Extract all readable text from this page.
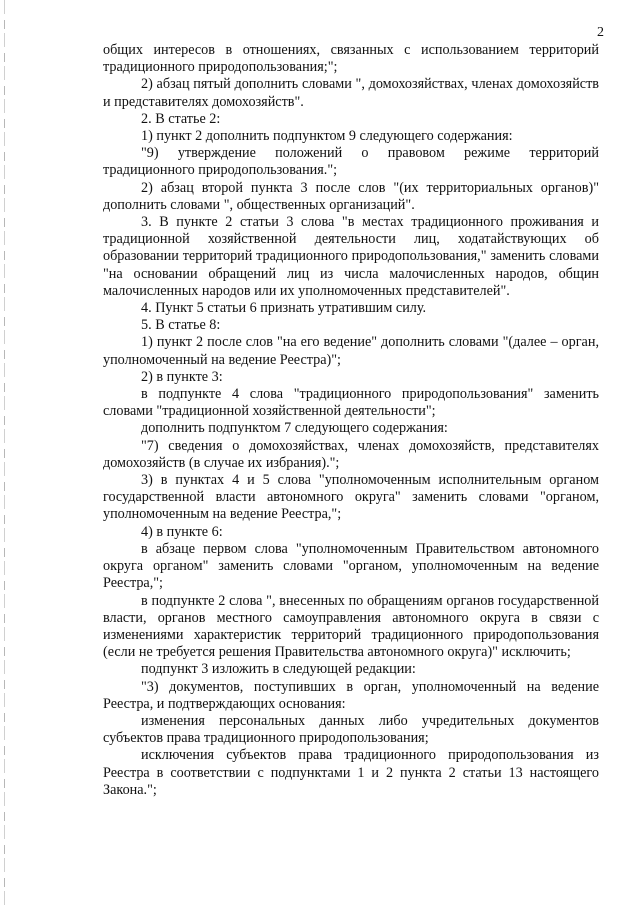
2

общих интересов в отношениях, связанных с использованием территорий традиционного природопользования;";

2) абзац пятый дополнить словами ", домохозяйствах, членах домохозяйств и представителях домохозяйств".

2. В статье 2:

1) пункт 2 дополнить подпунктом 9 следующего содержания:

"9) утверждение положений о правовом режиме территорий традиционного природопользования.";

2) абзац второй пункта 3 после слов "(их территориальных органов)" дополнить словами ", общественных организаций".

3. В пункте 2 статьи 3 слова "в местах традиционного проживания и традиционной хозяйственной деятельности лиц, ходатайствующих об образовании территорий традиционного природопользования," заменить словами "на основании обращений лиц из числа малочисленных народов, общин малочисленных народов или их уполномоченных представителей".

4. Пункт 5 статьи 6 признать утратившим силу.

5. В статье 8:

1) пункт 2 после слов "на его ведение" дополнить словами "(далее – орган, уполномоченный на ведение Реестра)";

2) в пункте 3:

в подпункте 4 слова "традиционного природопользования" заменить словами "традиционной хозяйственной деятельности";

дополнить подпунктом 7 следующего содержания:

"7) сведения о домохозяйствах, членах домохозяйств, представителях домохозяйств (в случае их избрания).";

3) в пунктах 4 и 5 слова "уполномоченным исполнительным органом государственной власти автономного округа" заменить словами "органом, уполномоченным на ведение Реестра,";

4) в пункте 6:

в абзаце первом слова "уполномоченным Правительством автономного округа органом" заменить словами "органом, уполномоченным на ведение Реестра,";

в подпункте 2 слова ", внесенных по обращениям органов государственной власти, органов местного самоуправления автономного округа в связи с изменениями характеристик территорий традиционного природопользования (если не требуется решения Правительства автономного округа)" исключить;

подпункт 3 изложить в следующей редакции:

"3) документов, поступивших в орган, уполномоченный на ведение Реестра, и подтверждающих основания:

изменения персональных данных либо учредительных документов субъектов права традиционного природопользования;

исключения субъектов права традиционного природопользования из Реестра в соответствии с подпунктами 1 и 2 пункта 2 статьи 13 настоящего Закона.";
